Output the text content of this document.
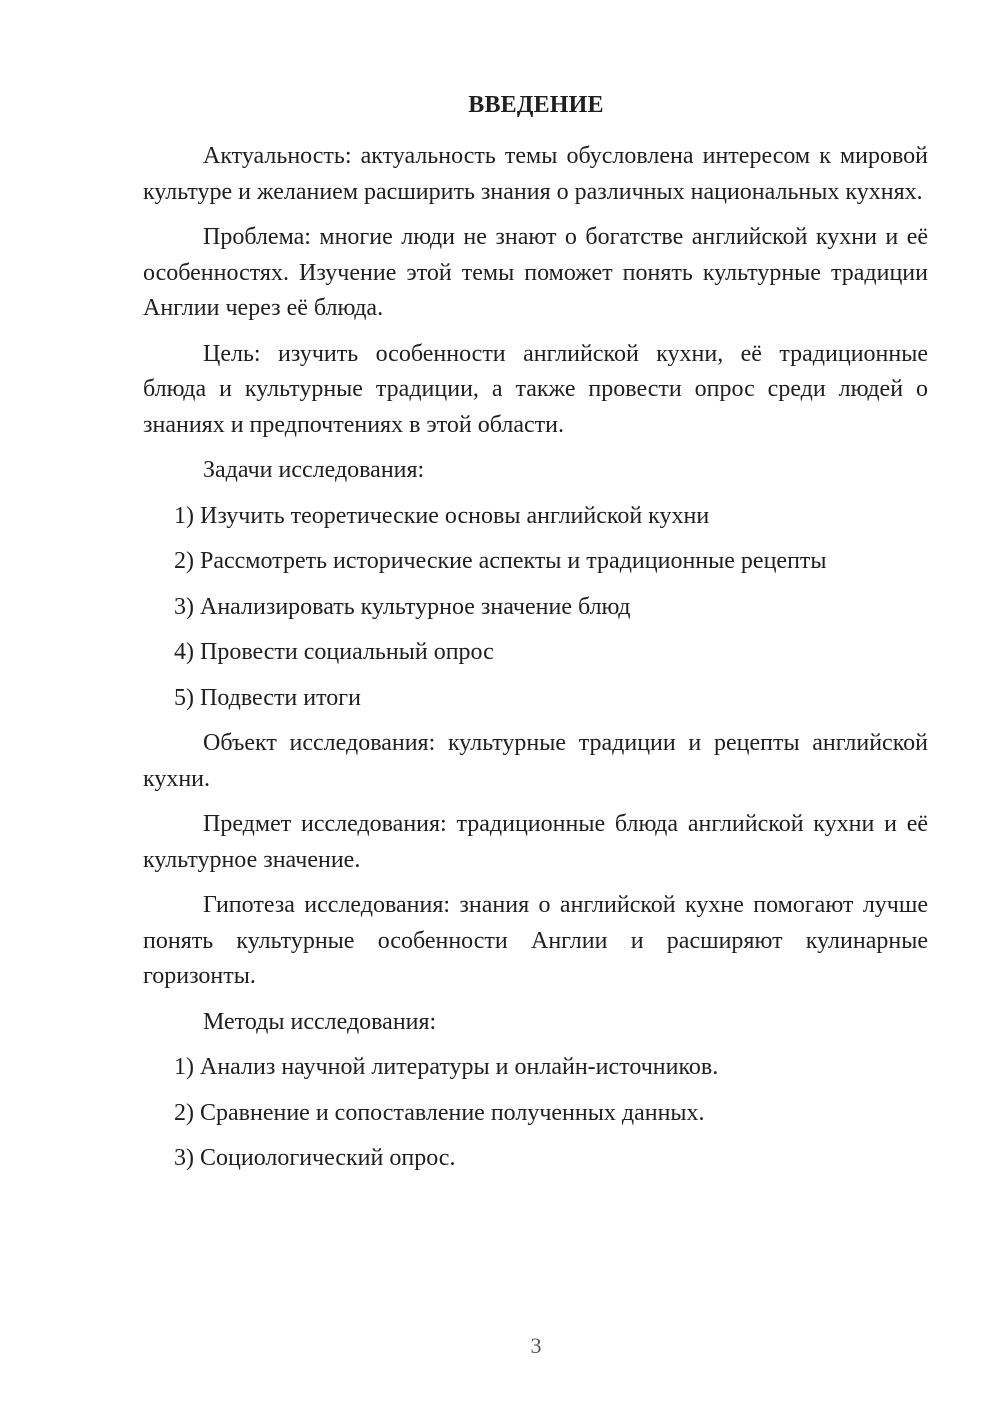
ВВЕДЕНИЕ

Актуальность: актуальность темы обусловлена интересом к мировой культуре и желанием расширить знания о различных национальных кухнях.

Проблема: многие люди не знают о богатстве английской кухни и её особенностях. Изучение этой темы поможет понять культурные традиции Англии через её блюда.

Цель: изучить особенности английской кухни, её традиционные блюда и культурные традиции, а также провести опрос среди людей о знаниях и предпочтениях в этой области.

Задачи исследования:

1) Изучить теоретические основы английской кухни
2) Рассмотреть исторические аспекты и традиционные рецепты
3) Анализировать культурное значение блюд
4) Провести социальный опрос
5) Подвести итоги

Объект исследования: культурные традиции и рецепты английской кухни.

Предмет исследования: традиционные блюда английской кухни и её культурное значение.

Гипотеза исследования: знания о английской кухне помогают лучше понять культурные особенности Англии и расширяют кулинарные горизонты.

Методы исследования:

1) Анализ научной литературы и онлайн-источников.
2) Сравнение и сопоставление полученных данных.
3) Социологический опрос.
3
